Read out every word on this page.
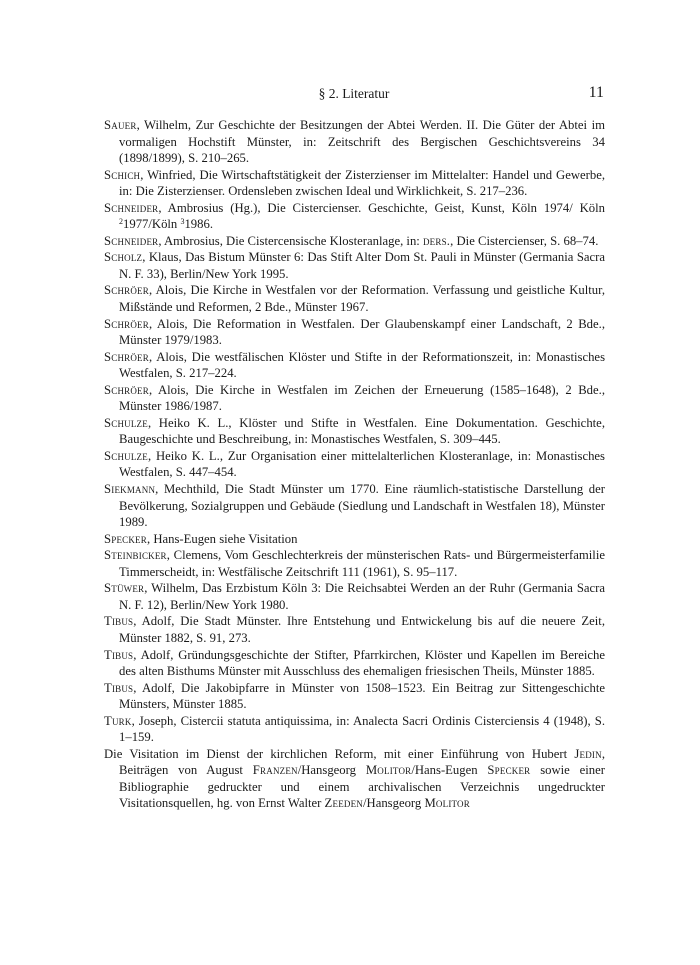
§ 2. Literatur	11

Sauer, Wilhelm, Zur Geschichte der Besitzungen der Abtei Werden. II. Die Güter der Abtei im vormaligen Hochstift Münster, in: Zeitschrift des Bergischen Geschichtsvereins 34 (1898/1899), S. 210–265.

Schich, Winfried, Die Wirtschaftstätigkeit der Zisterzienser im Mittelalter: Handel und Gewerbe, in: Die Zisterzienser. Ordensleben zwischen Ideal und Wirklichkeit, S. 217–236.

Schneider, Ambrosius (Hg.), Die Cistercienser. Geschichte, Geist, Kunst, Köln 1974/ Köln $^2$1977/Köln $^3$1986.

Schneider, Ambrosius, Die Cistercensische Klosteranlage, in: ders., Die Cistercienser, S. 68–74.

Scholz, Klaus, Das Bistum Münster 6: Das Stift Alter Dom St. Pauli in Münster (Germania Sacra N. F. 33), Berlin/New York 1995.

Schröer, Alois, Die Kirche in Westfalen vor der Reformation. Verfassung und geistliche Kultur, Mißstände und Reformen, 2 Bde., Münster 1967.

Schröer, Alois, Die Reformation in Westfalen. Der Glaubenskampf einer Landschaft, 2 Bde., Münster 1979/1983.

Schröer, Alois, Die westfälischen Klöster und Stifte in der Reformationszeit, in: Monastisches Westfalen, S. 217–224.

Schröer, Alois, Die Kirche in Westfalen im Zeichen der Erneuerung (1585–1648), 2 Bde., Münster 1986/1987.

Schulze, Heiko K. L., Klöster und Stifte in Westfalen. Eine Dokumentation. Geschichte, Baugeschichte und Beschreibung, in: Monastisches Westfalen, S. 309–445.

Schulze, Heiko K. L., Zur Organisation einer mittelalterlichen Klosteranlage, in: Monastisches Westfalen, S. 447–454.

Siekmann, Mechthild, Die Stadt Münster um 1770. Eine räumlich-statistische Darstellung der Bevölkerung, Sozialgruppen und Gebäude (Siedlung und Landschaft in Westfalen 18), Münster 1989.

Specker, Hans-Eugen siehe Visitation

Steinbicker, Clemens, Vom Geschlechterkreis der münsterischen Rats- und Bürgermeisterfamilie Timmerscheidt, in: Westfälische Zeitschrift 111 (1961), S. 95–117.

Stüwer, Wilhelm, Das Erzbistum Köln 3: Die Reichsabtei Werden an der Ruhr (Germania Sacra N. F. 12), Berlin/New York 1980.

Tibus, Adolf, Die Stadt Münster. Ihre Entstehung und Entwickelung bis auf die neuere Zeit, Münster 1882, S. 91, 273.

Tibus, Adolf, Gründungsgeschichte der Stifter, Pfarrkirchen, Klöster und Kapellen im Bereiche des alten Bisthums Münster mit Ausschluss des ehemaligen friesischen Theils, Münster 1885.

Tibus, Adolf, Die Jakobipfarre in Münster von 1508–1523. Ein Beitrag zur Sittengeschichte Münsters, Münster 1885.

Turk, Joseph, Cistercii statuta antiquissima, in: Analecta Sacri Ordinis Cisterciensis 4 (1948), S. 1–159.

Die Visitation im Dienst der kirchlichen Reform, mit einer Einführung von Hubert Jedin, Beiträgen von August Franzen/Hansgeorg Molitor/Hans-Eugen Specker sowie einer Bibliographie gedruckter und einem archivalischen Verzeichnis ungedruckter Visitationsquellen, hg. von Ernst Walter Zeeden/Hansgeorg Molitor
